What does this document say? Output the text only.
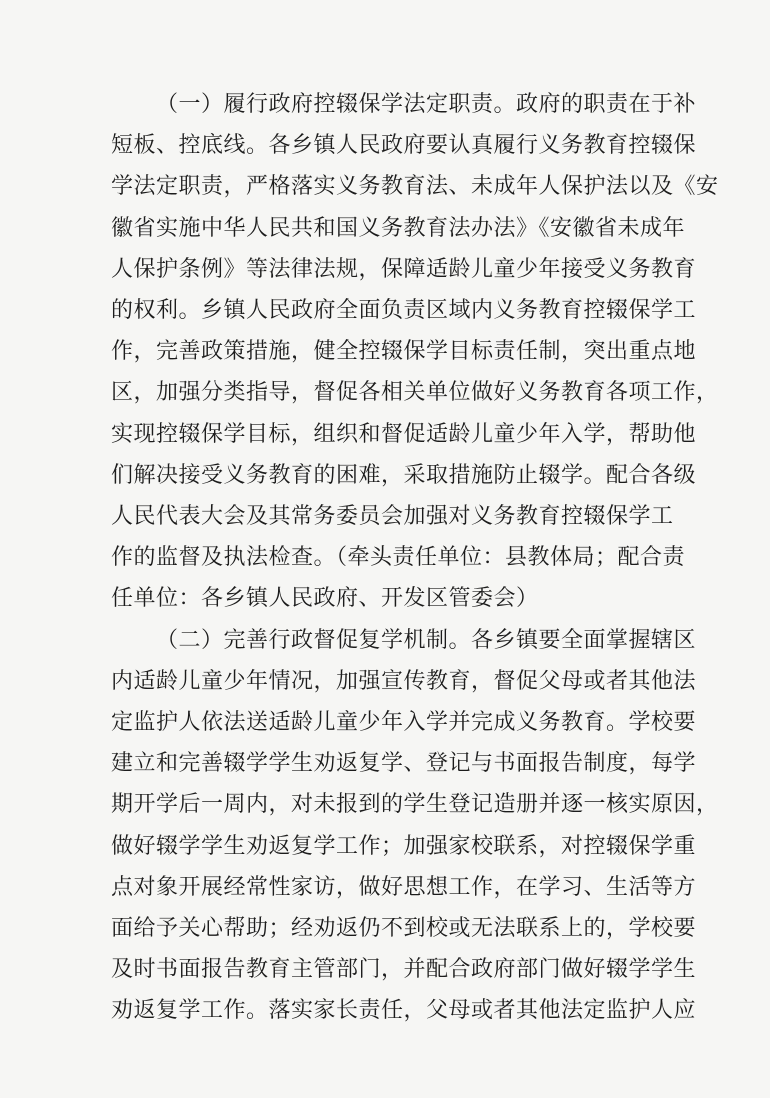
（一）履行政府控辍保学法定职责。政府的职责在于补
短板、控底线。各乡镇人民政府要认真履行义务教育控辍保
学法定职责，严格落实义务教育法、未成年人保护法以及《安
徽省实施中华人民共和国义务教育法办法》《安徽省未成年
人保护条例》等法律法规，保障适龄儿童少年接受义务教育
的权利。乡镇人民政府全面负责区域内义务教育控辍保学工
作，完善政策措施，健全控辍保学目标责任制，突出重点地
区，加强分类指导，督促各相关单位做好义务教育各项工作，
实现控辍保学目标，组织和督促适龄儿童少年入学，帮助他
们解决接受义务教育的困难，采取措施防止辍学。配合各级
人民代表大会及其常务委员会加强对义务教育控辍保学工
作的监督及执法检查。（牵头责任单位：县教体局；配合责
任单位：各乡镇人民政府、开发区管委会）
（二）完善行政督促复学机制。各乡镇要全面掌握辖区
内适龄儿童少年情况，加强宣传教育，督促父母或者其他法
定监护人依法送适龄儿童少年入学并完成义务教育。学校要
建立和完善辍学学生劝返复学、登记与书面报告制度，每学
期开学后一周内，对未报到的学生登记造册并逐一核实原因，
做好辍学学生劝返复学工作；加强家校联系，对控辍保学重
点对象开展经常性家访，做好思想工作，在学习、生活等方
面给予关心帮助；经劝返仍不到校或无法联系上的，学校要
及时书面报告教育主管部门，并配合政府部门做好辍学学生
劝返复学工作。落实家长责任，父母或者其他法定监护人应
